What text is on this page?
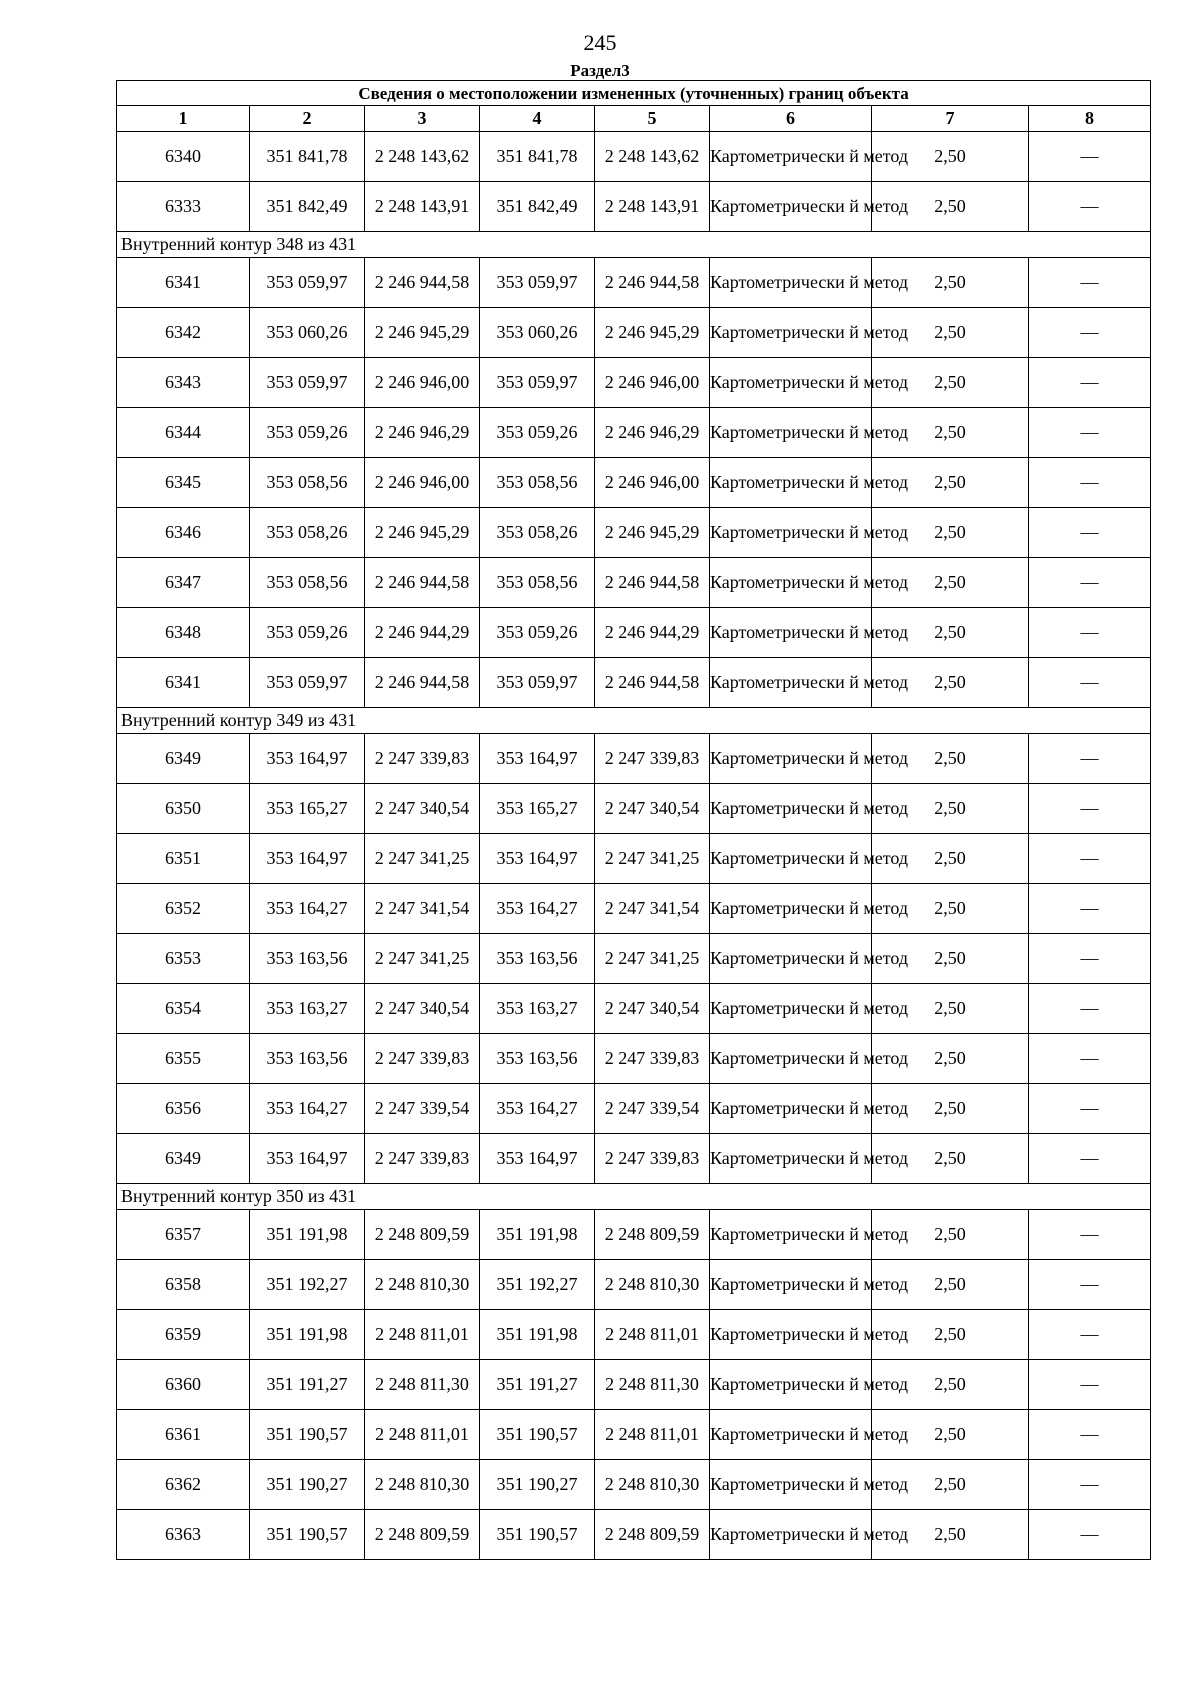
245
Раздел3
Сведения о местоположении измененных (уточненных) границ объекта							
1	2	3	4	5	6	7	8
6340	351 841,78	2 248 143,62	351 841,78	2 248 143,62	Картометрически й метод	2,50	—
6333	351 842,49	2 248 143,91	351 842,49	2 248 143,91	Картометрически й метод	2,50	—
Внутренний контур 348 из 431							
6341	353 059,97	2 246 944,58	353 059,97	2 246 944,58	Картометрически й метод	2,50	—
6342	353 060,26	2 246 945,29	353 060,26	2 246 945,29	Картометрически й метод	2,50	—
6343	353 059,97	2 246 946,00	353 059,97	2 246 946,00	Картометрически й метод	2,50	—
6344	353 059,26	2 246 946,29	353 059,26	2 246 946,29	Картометрически й метод	2,50	—
6345	353 058,56	2 246 946,00	353 058,56	2 246 946,00	Картометрически й метод	2,50	—
6346	353 058,26	2 246 945,29	353 058,26	2 246 945,29	Картометрически й метод	2,50	—
6347	353 058,56	2 246 944,58	353 058,56	2 246 944,58	Картометрически й метод	2,50	—
6348	353 059,26	2 246 944,29	353 059,26	2 246 944,29	Картометрически й метод	2,50	—
6341	353 059,97	2 246 944,58	353 059,97	2 246 944,58	Картометрически й метод	2,50	—
Внутренний контур 349 из 431							
6349	353 164,97	2 247 339,83	353 164,97	2 247 339,83	Картометрически й метод	2,50	—
6350	353 165,27	2 247 340,54	353 165,27	2 247 340,54	Картометрически й метод	2,50	—
6351	353 164,97	2 247 341,25	353 164,97	2 247 341,25	Картометрически й метод	2,50	—
6352	353 164,27	2 247 341,54	353 164,27	2 247 341,54	Картометрически й метод	2,50	—
6353	353 163,56	2 247 341,25	353 163,56	2 247 341,25	Картометрически й метод	2,50	—
6354	353 163,27	2 247 340,54	353 163,27	2 247 340,54	Картометрически й метод	2,50	—
6355	353 163,56	2 247 339,83	353 163,56	2 247 339,83	Картометрически й метод	2,50	—
6356	353 164,27	2 247 339,54	353 164,27	2 247 339,54	Картометрически й метод	2,50	—
6349	353 164,97	2 247 339,83	353 164,97	2 247 339,83	Картометрически й метод	2,50	—
Внутренний контур 350 из 431							
6357	351 191,98	2 248 809,59	351 191,98	2 248 809,59	Картометрически й метод	2,50	—
6358	351 192,27	2 248 810,30	351 192,27	2 248 810,30	Картометрически й метод	2,50	—
6359	351 191,98	2 248 811,01	351 191,98	2 248 811,01	Картометрически й метод	2,50	—
6360	351 191,27	2 248 811,30	351 191,27	2 248 811,30	Картометрически й метод	2,50	—
6361	351 190,57	2 248 811,01	351 190,57	2 248 811,01	Картометрически й метод	2,50	—
6362	351 190,27	2 248 810,30	351 190,27	2 248 810,30	Картометрически й метод	2,50	—
6363	351 190,57	2 248 809,59	351 190,57	2 248 809,59	Картометрически й метод	2,50	—
